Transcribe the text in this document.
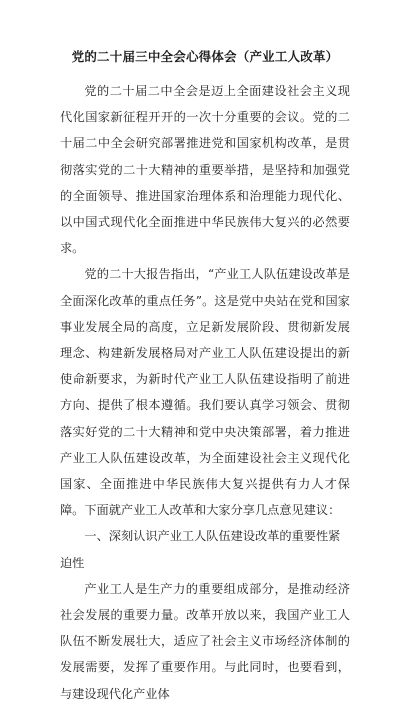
党的二十届三中全会心得体会（产业工人改革）

党的二十届二中全会是迈上全面建设社会主义现代化国家新征程开开的一次十分重要的会议。党的二十届二中全会研究部署推进党和国家机构改革，是贯彻落实党的二十大精神的重要举措，是坚持和加强党的全面领导、推进国家治理体系和治理能力现代化、以中国式现代化全面推进中华民族伟大复兴的必然要求。

党的二十大报告指出，“产业工人队伍建设改革是全面深化改革的重点任务”。这是党中央站在党和国家事业发展全局的高度，立足新发展阶段、贯彻新发展理念、构建新发展格局对产业工人队伍建设提出的新使命新要求，为新时代产业工人队伍建设指明了前进方向、提供了根本遵循。我们要认真学习领会、贯彻落实好党的二十大精神和党中央决策部署，着力推进产业工人队伍建设改革，为全面建设社会主义现代化国家、全面推进中华民族伟大复兴提供有力人才保障。下面就产业工人改革和大家分享几点意见建议：

一、深刻认识产业工人队伍建设改革的重要性紧迫性

产业工人是生产力的重要组成部分，是推动经济社会发展的重要力量。改革开放以来，我国产业工人队伍不断发展壮大，适应了社会主义市场经济体制的发展需要，发挥了重要作用。与此同时，也要看到，与建设现代化产业体
